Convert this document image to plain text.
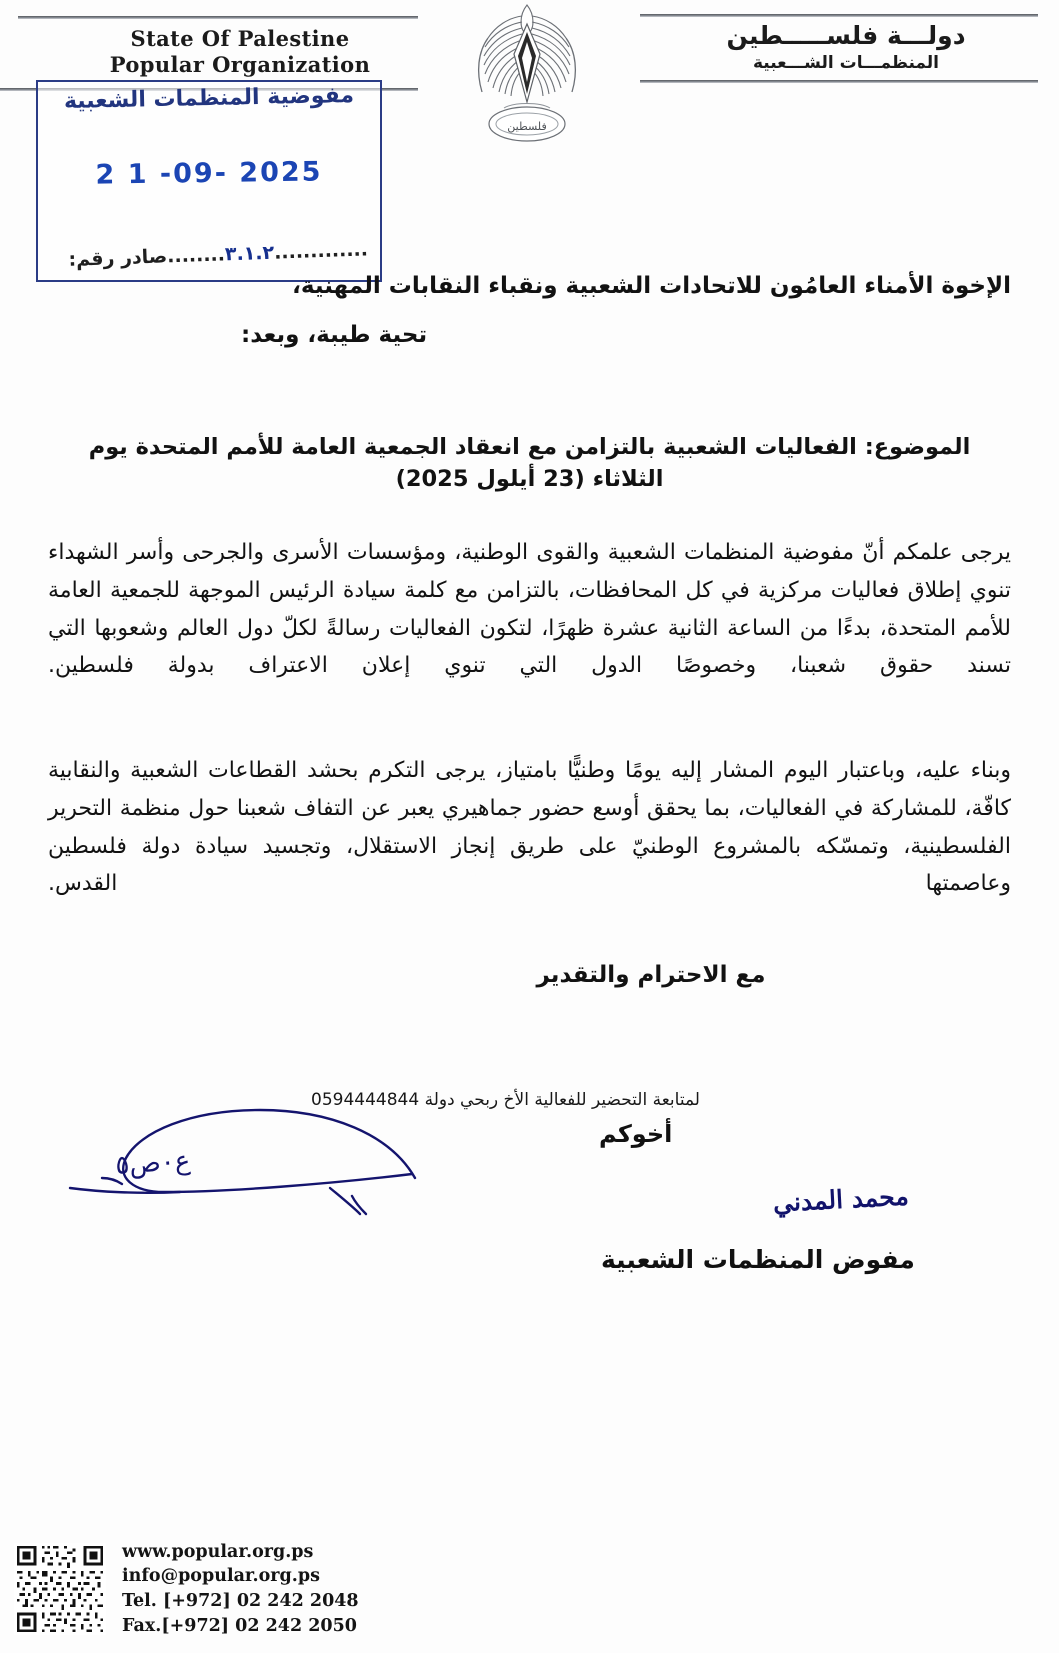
State Of Palestine
Popular Organization
دولـــة فلســـــطين
المنظمـــات الشـــعبية
فلسطين
مفوضية المنظمات الشعبية
2 1 -09- 2025
.............٣.١.٢........صادر رقم:
الإخوة الأمناء العامُون للاتحادات الشعبية ونقباء النقابات المهنية،
تحية طيبة، وبعد:
الموضوع: الفعاليات الشعبية بالتزامن مع انعقاد الجمعية العامة للأمم المتحدة يوم
الثلاثاء (23 أيلول 2025)
يرجى علمكم أنّ مفوضية المنظمات الشعبية والقوى الوطنية، ومؤسسات الأسرى والجرحى وأسر الشهداء تنوي إطلاق فعاليات مركزية في كل المحافظات، بالتزامن مع كلمة سيادة الرئيس الموجهة للجمعية العامة للأمم المتحدة، بدءًا من الساعة الثانية عشرة ظهرًا، لتكون الفعاليات رسالةً لكلّ دول العالم وشعوبها التي تسند حقوق شعبنا، وخصوصًا الدول التي تنوي إعلان الاعتراف بدولة فلسطين.
وبناء عليه، وباعتبار اليوم المشار إليه يومًا وطنيًّا بامتياز، يرجى التكرم بحشد القطاعات الشعبية والنقابية كافّة، للمشاركة في الفعاليات، بما يحقق أوسع حضور جماهيري يعبر عن التفاف شعبنا حول منظمة التحرير الفلسطينية، وتمسّكه بالمشروع الوطنيّ على طريق إنجاز الاستقلال، وتجسيد سيادة دولة فلسطين وعاصمتها القدس.
مع الاحترام والتقدير
لمتابعة التحضير للفعالية الأخ ربحي دولة 0594444844
أخوكم
محمد المدني
مفوض المنظمات الشعبية
ع٠ص٥
www.popular.org.ps
info@popular.org.ps
Tel. [+972] 02 242 2048
Fax.[+972] 02 242 2050
